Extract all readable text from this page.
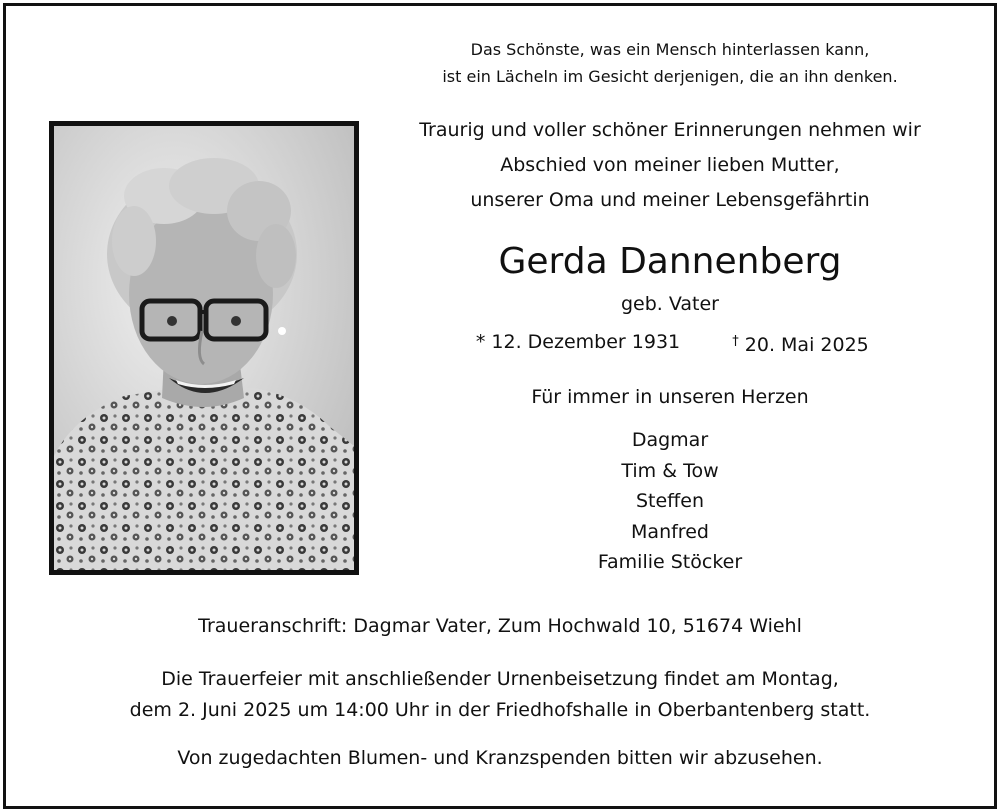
Das Schönste, was ein Mensch hinterlassen kann,
ist ein Lächeln im Gesicht derjenigen, die an ihn denken.
Traurig und voller schöner Erinnerungen nehmen wir
Abschied von meiner lieben Mutter,
unserer Oma und meiner Lebensgefährtin
Gerda Dannenberg
geb. Vater
* 12. Dezember 1931	† 20. Mai 2025
Für immer in unseren Herzen
Dagmar
Tim & Tow
Steffen
Manfred
Familie Stöcker
Traueranschrift: Dagmar Vater, Zum Hochwald 10, 51674 Wiehl
Die Trauerfeier mit anschließender Urnenbeisetzung findet am Montag,
dem 2. Juni 2025 um 14:00 Uhr in der Friedhofshalle in Oberbantenberg statt.
Von zugedachten Blumen- und Kranzspenden bitten wir abzusehen.
